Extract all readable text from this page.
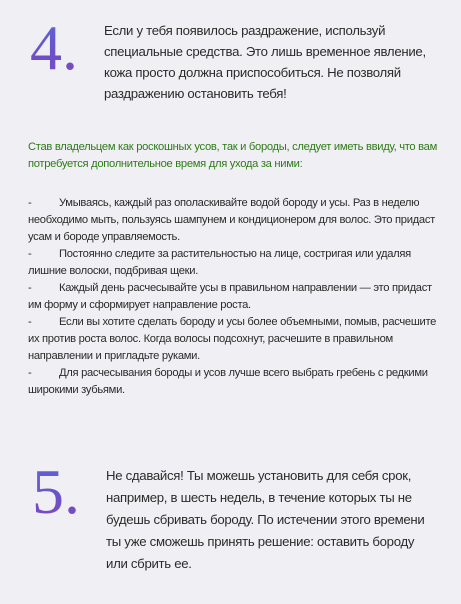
4. Если у тебя появилось раздражение, используй специальные средства. Это лишь временное явление, кожа просто должна приспособиться. Не позволяй раздражению остановить тебя!
Став владельцем как роскошных усов, так и бороды, следует иметь ввиду, что вам потребуется дополнительное время для ухода за ними:
- Умываясь, каждый раз ополаскивайте водой бороду и усы. Раз в неделю необходимо мыть, пользуясь шампунем и кондиционером для волос. Это придаст усам и бороде управляемость.
- Постоянно следите за растительностью на лице, состригая или удаляя лишние волоски, подбривая щеки.
- Каждый день расчесывайте усы в правильном направлении — это придаст им форму и сформирует направление роста.
- Если вы хотите сделать бороду и усы более объемными, помыв, расчешите их против роста волос. Когда волосы подсохнут, расчешите в правильном направлении и пригладьте руками.
- Для расчесывания бороды и усов лучше всего выбрать гребень с редкими широкими зубьями.
5. Не сдавайся! Ты можешь установить для себя срок, например, в шесть недель, в течение которых ты не будешь сбривать бороду. По истечении этого времени ты уже сможешь принять решение: оставить бороду или сбрить ее.
